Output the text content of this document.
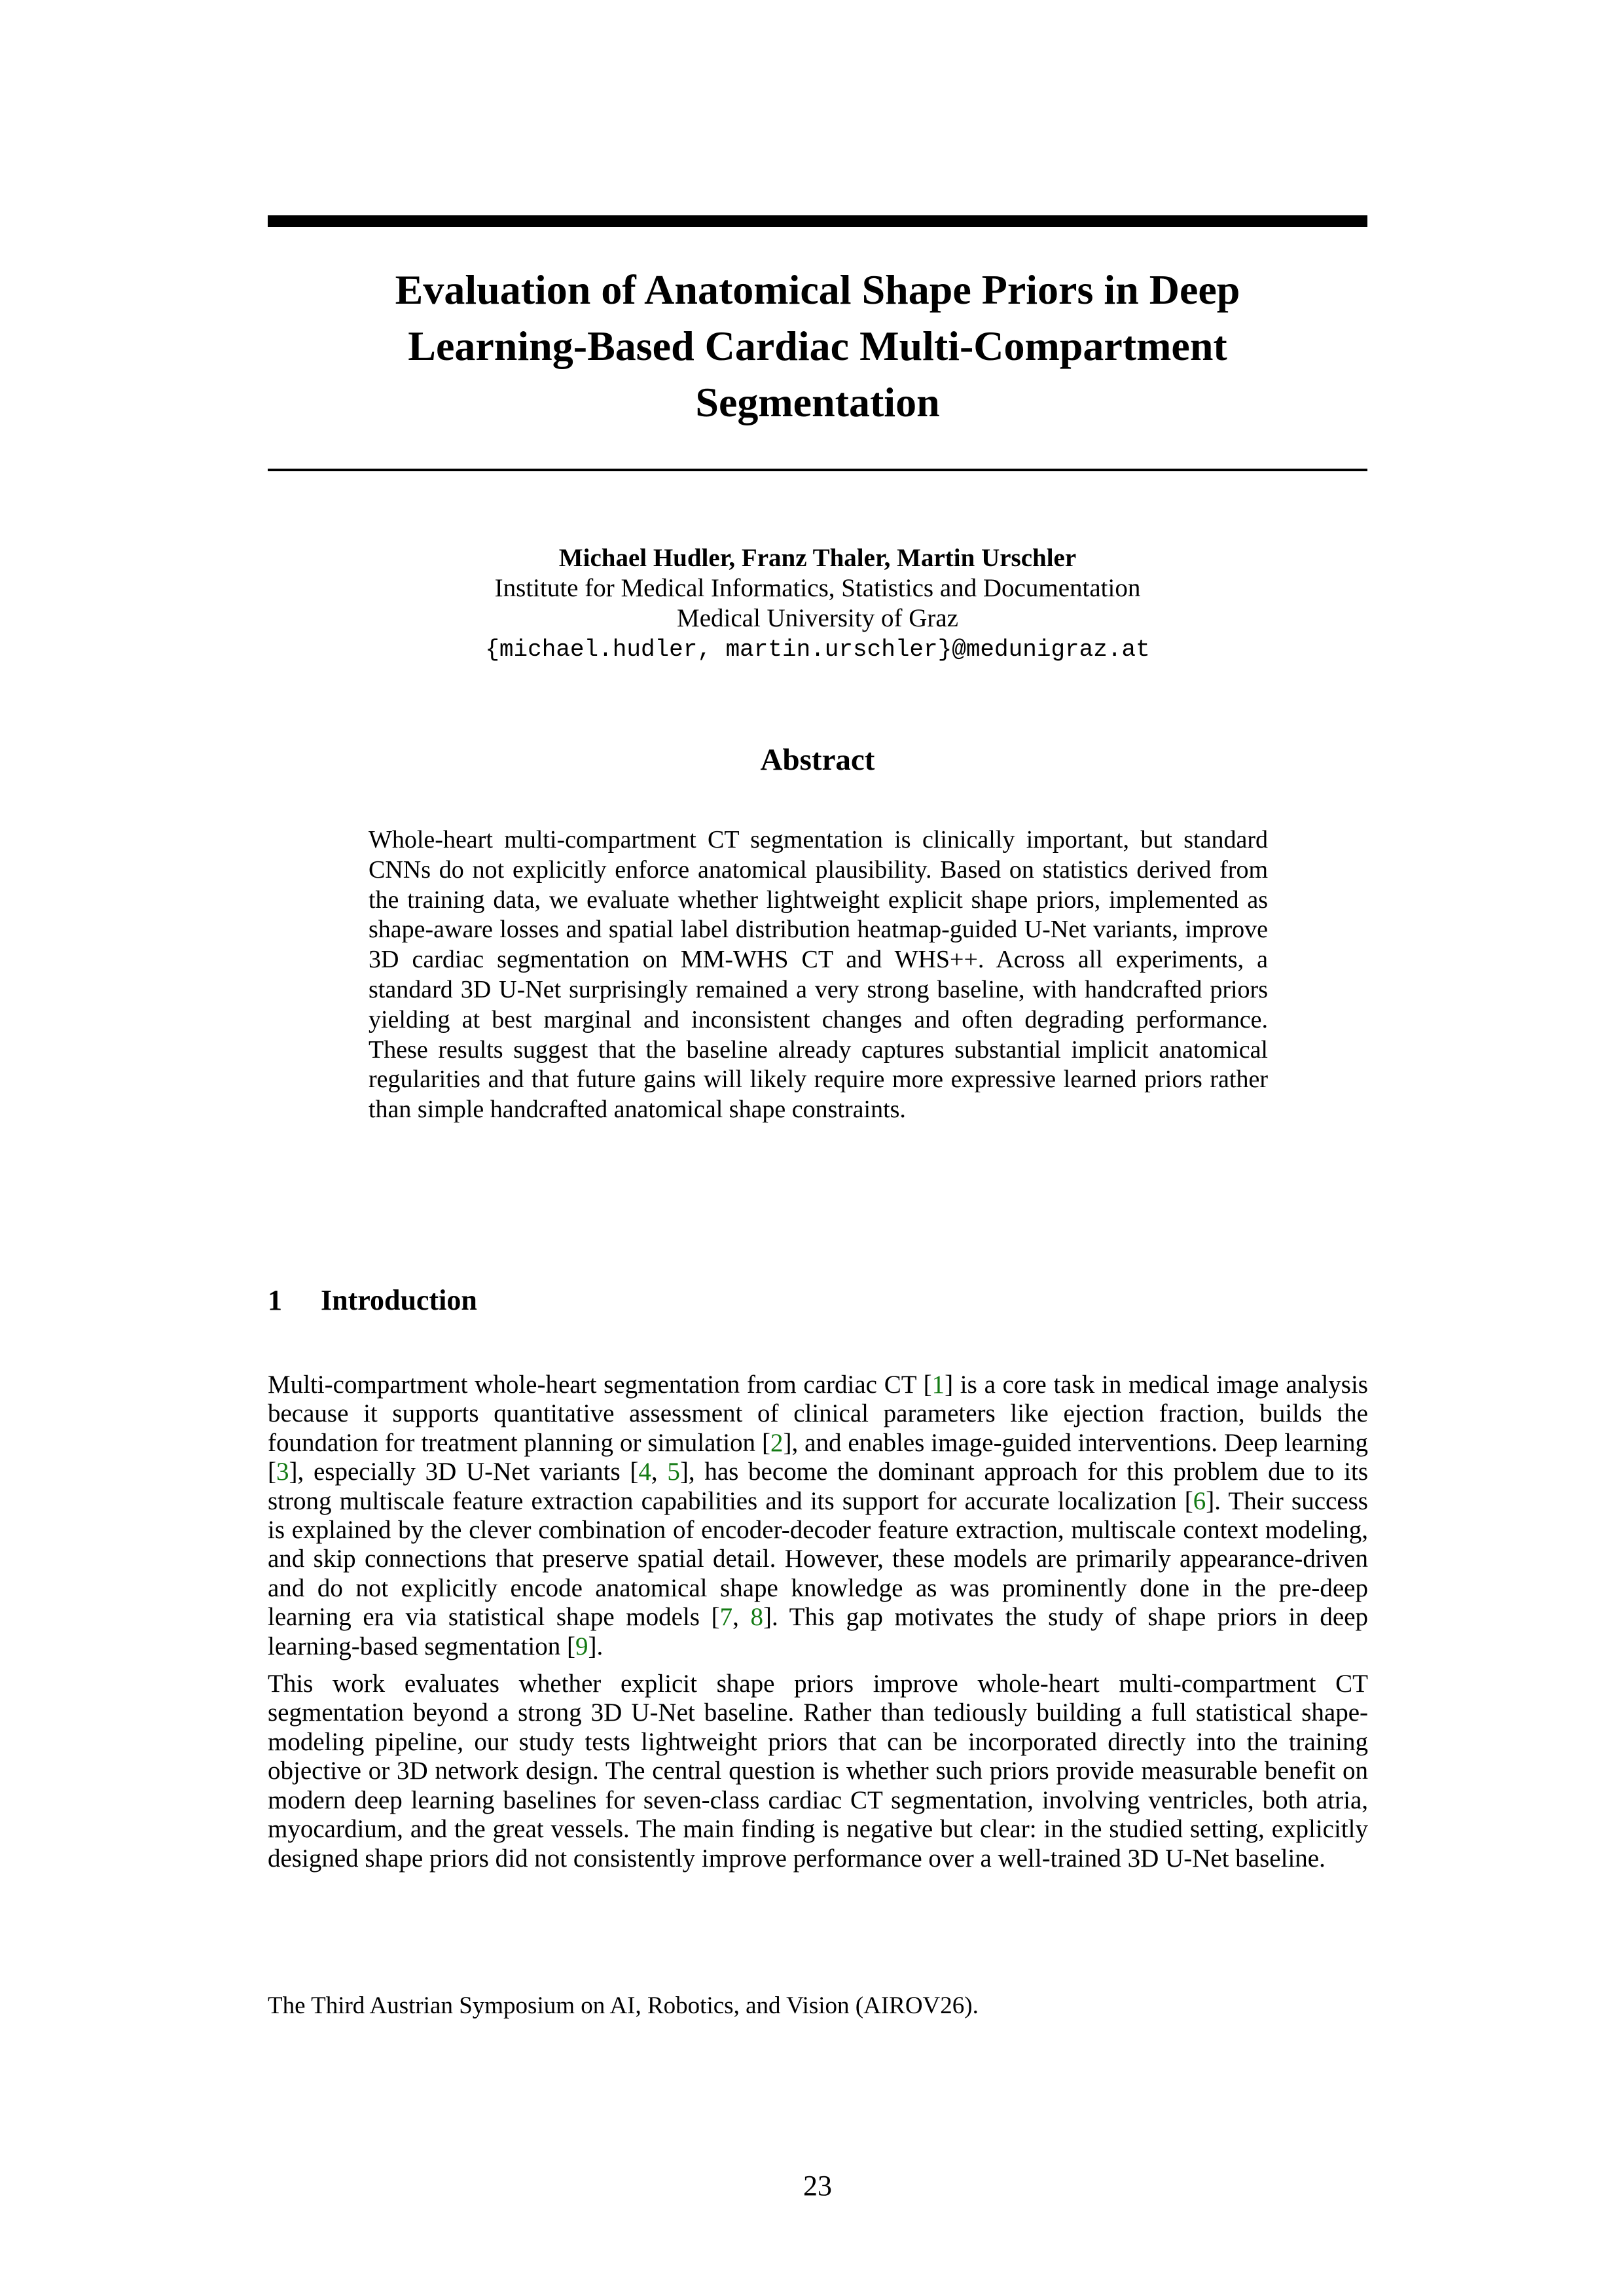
Evaluation of Anatomical Shape Priors in Deep
Learning-Based Cardiac Multi-Compartment
Segmentation
Michael Hudler, Franz Thaler, Martin Urschler
Institute for Medical Informatics, Statistics and Documentation
Medical University of Graz
{michael.hudler, martin.urschler}@medunigraz.at
Abstract
Whole-heart multi-compartment CT segmentation is clinically important, but standard CNNs do not explicitly enforce anatomical plausibility. Based on statistics derived from the training data, we evaluate whether lightweight explicit shape priors, implemented as shape-aware losses and spatial label distribution heatmap-guided U-Net variants, improve 3D cardiac segmentation on MM-WHS CT and WHS++. Across all experiments, a standard 3D U-Net surprisingly remained a very strong baseline, with handcrafted priors yielding at best marginal and inconsistent changes and often degrading performance. These results suggest that the baseline already captures substantial implicit anatomical regularities and that future gains will likely require more expressive learned priors rather than simple handcrafted anatomical shape constraints.
1 Introduction

Multi-compartment whole-heart segmentation from cardiac CT [1] is a core task in medical image analysis because it supports quantitative assessment of clinical parameters like ejection fraction, builds the foundation for treatment planning or simulation [2], and enables image-guided interventions. Deep learning [3], especially 3D U-Net variants [4, 5], has become the dominant approach for this problem due to its strong multiscale feature extraction capabilities and its support for accurate localization [6]. Their success is explained by the clever combination of encoder-decoder feature extraction, multiscale context modeling, and skip connections that preserve spatial detail. However, these models are primarily appearance-driven and do not explicitly encode anatomical shape knowledge as was prominently done in the pre-deep learning era via statistical shape models [7, 8]. This gap motivates the study of shape priors in deep learning-based segmentation [9].

This work evaluates whether explicit shape priors improve whole-heart multi-compartment CT segmentation beyond a strong 3D U-Net baseline. Rather than tediously building a full statistical shape-modeling pipeline, our study tests lightweight priors that can be incorporated directly into the training objective or 3D network design. The central question is whether such priors provide measurable benefit on modern deep learning baselines for seven-class cardiac CT segmentation, involving ventricles, both atria, myocardium, and the great vessels. The main finding is negative but clear: in the studied setting, explicitly designed shape priors did not consistently improve performance over a well-trained 3D U-Net baseline.

The Third Austrian Symposium on AI, Robotics, and Vision (AIROV26).
23
